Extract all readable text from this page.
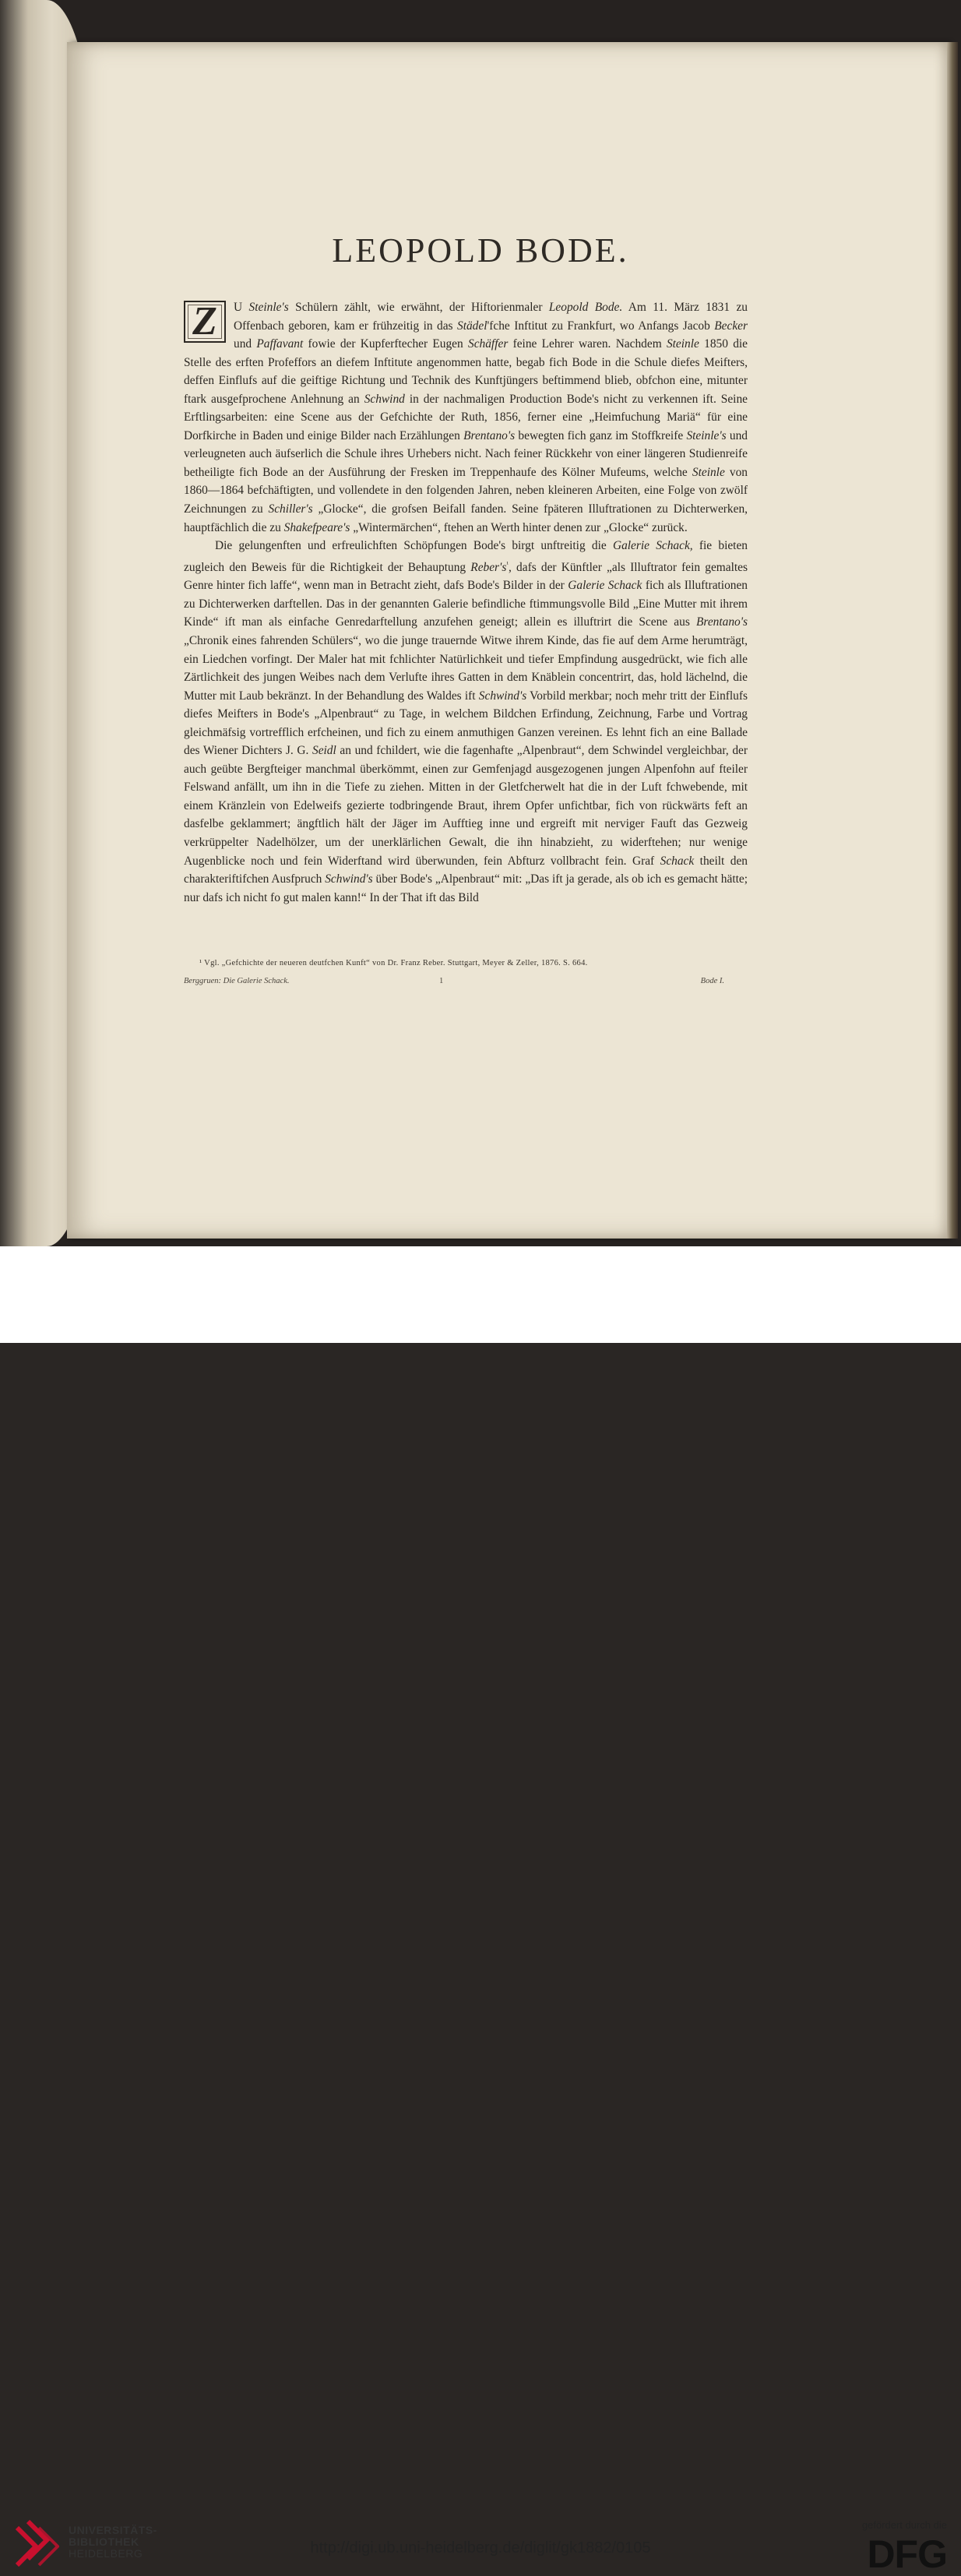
LEOPOLD BODE.

Z	U Steinle's Schülern zählt, wie erwähnt, der Hiftorienmaler Leopold Bode. Am 11. März 1831 zu Offenbach geboren, kam er frühzeitig in das Städel'fche Inftitut zu Frankfurt, wo Anfangs Jacob Becker und Paffavant fowie der Kupferftecher Eugen Schäffer feine Lehrer waren. Nachdem Steinle 1850 die Stelle des erften Profeffors an diefem Inftitute angenommen hatte, begab fich Bode in die Schule diefes Meifters, deffen Einflufs auf die geiftige Richtung und Technik des Kunftjüngers beftimmend blieb, obfchon eine, mitunter ftark ausgefprochene Anlehnung an Schwind in der nachmaligen Production Bode's nicht zu verkennen ift. Seine Erftlingsarbeiten: eine Scene aus der Gefchichte der Ruth, 1856, ferner eine „Heimfuchung Mariä“ für eine Dorfkirche in Baden und einige Bilder nach Erzählungen Brentano's bewegten fich ganz im Stoffkreife Steinle's und verleugneten auch äufserlich die Schule ihres Urhebers nicht. Nach feiner Rückkehr von einer längeren Studienreife betheiligte fich Bode an der Ausführung der Fresken im Treppenhaufe des Kölner Mufeums, welche Steinle von 1860—1864 befchäftigten, und vollendete in den folgenden Jahren, neben kleineren Arbeiten, eine Folge von zwölf Zeichnungen zu Schiller's „Glocke“, die grofsen Beifall fanden. Seine fpäteren Illuftrationen zu Dichterwerken, hauptfächlich die zu Shakefpeare's „Wintermärchen“, ftehen an Werth hinter denen zur „Glocke“ zurück.

Die gelungenften und erfreulichften Schöpfungen Bode's birgt unftreitig die Galerie Schack, fie bieten zugleich den Beweis für die Richtigkeit der Behauptung $Reber's^{^1}$, dafs der Künftler „als Illuftrator fein gemaltes Genre hinter fich laffe“, wenn man in Betracht zieht, dafs Bode's Bilder in der Galerie Schack fich als Illuftrationen zu Dichterwerken darftellen. Das in der genannten Galerie befindliche ftimmungsvolle Bild „Eine Mutter mit ihrem Kinde“ ift man als einfache Genredarftellung anzufehen geneigt; allein es illuftrirt die Scene aus Brentano's „Chronik eines fahrenden Schülers“, wo die junge trauernde Witwe ihrem Kinde, das fie auf dem Arme herumträgt, ein Liedchen vorfingt. Der Maler hat mit fchlichter Natürlichkeit und tiefer Empfindung ausgedrückt, wie fich alle Zärtlichkeit des jungen Weibes nach dem Verlufte ihres Gatten in dem Knäblein concentrirt, das, hold lächelnd, die Mutter mit Laub bekränzt. In der Behandlung des Waldes ift Schwind's Vorbild merkbar; noch mehr tritt der Einflufs diefes Meifters in Bode's „Alpenbraut“ zu Tage, in welchem Bildchen Erfindung, Zeichnung, Farbe und Vortrag gleichmäfsig vortrefflich erfcheinen, und fich zu einem anmuthigen Ganzen vereinen. Es lehnt fich an eine Ballade des Wiener Dichters J. G. Seidl an und fchildert, wie die fagenhafte „Alpenbraut“, dem Schwindel vergleichbar, der auch geübte Bergfteiger manchmal überkömmt, einen zur Gemfenjagd ausgezogenen jungen Alpenfohn auf fteiler Felswand anfällt, um ihn in die Tiefe zu ziehen. Mitten in der Gletfcherwelt hat die in der Luft fchwebende, mit einem Kränzlein von Edelweifs gezierte todbringende Braut, ihrem Opfer unfichtbar, fich von rückwärts feft an dasfelbe geklammert; ängftlich hält der Jäger im Aufftieg inne und ergreift mit nerviger Fauft das Gezweig verkrüppelter Nadelhölzer, um der unerklärlichen Gewalt, die ihn hinabzieht, zu widerftehen; nur wenige Augenblicke noch und fein Widerftand wird überwunden, fein Abfturz vollbracht fein. Graf Schack theilt den charakteriftifchen Ausfpruch Schwind's über Bode's „Alpenbraut“ mit: „Das ift ja gerade, als ob ich es gemacht hätte; nur dafs ich nicht fo gut malen kann!“ In der That ift das Bild

¹ Vgl. „Gefchichte der neueren deutfchen Kunft“ von Dr. Franz Reber. Stuttgart, Meyer & Zeller, 1876. S. 664.
Berggruen: Die Galerie Schack.	1	Bode I.
UNIVERSITÄTS-
BIBLIOTHEK
HEIDELBERG	http://digi.ub.uni-heidelberg.de/diglit/gk1882/0105
gefördert durch die
DFG
